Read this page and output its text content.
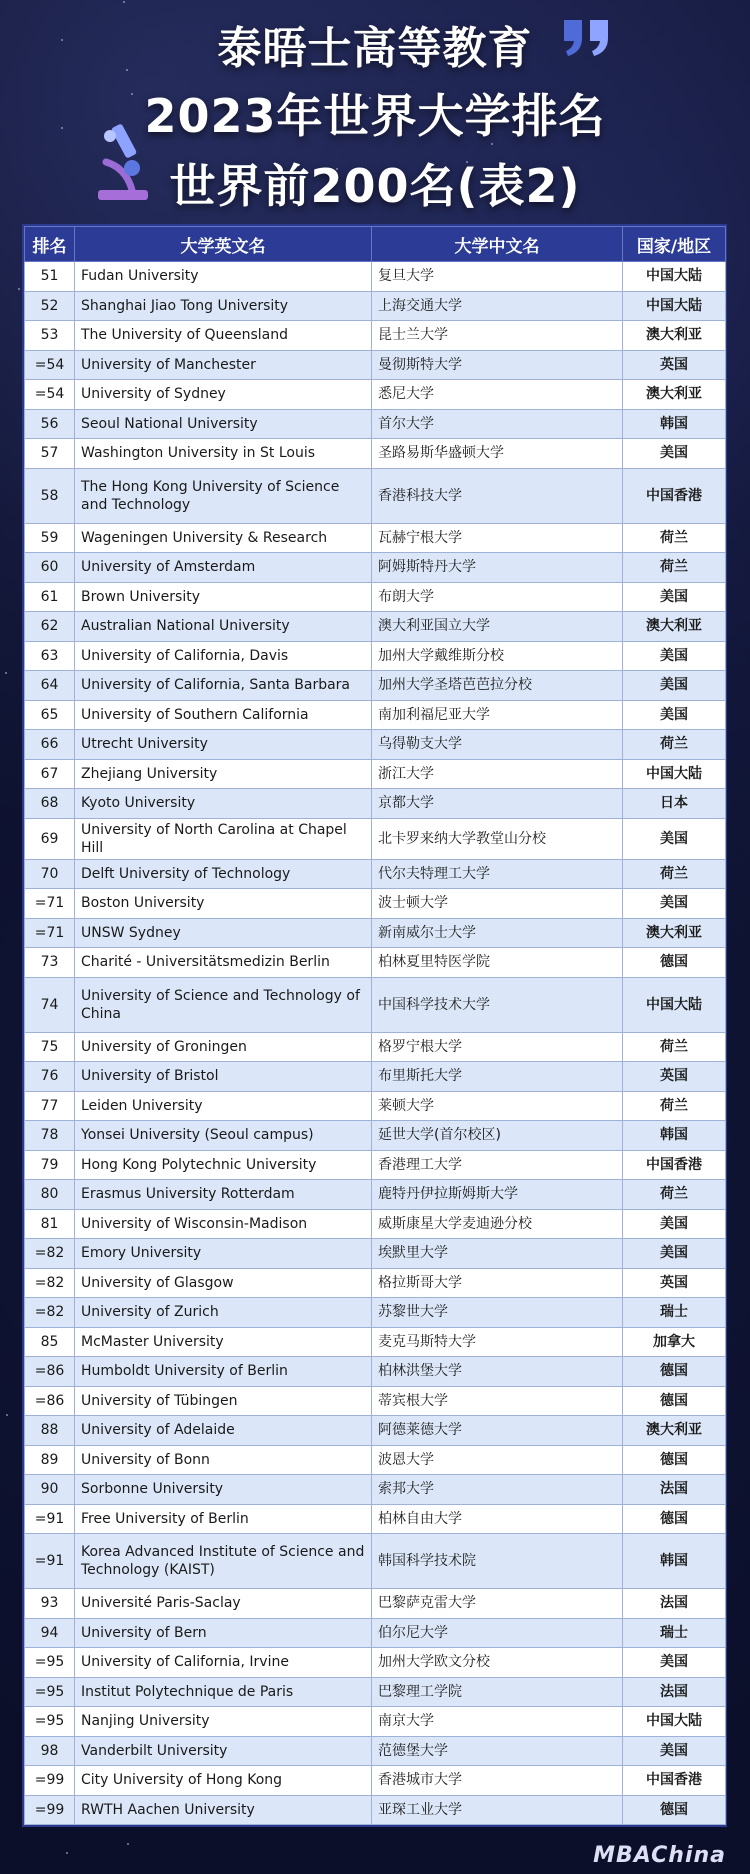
泰晤士高等教育
2023年世界大学排名
世界前200名(表2)
排名	大学英文名	大学中文名	国家/地区
51	Fudan University	复旦大学	中国大陆
52	Shanghai Jiao Tong University	上海交通大学	中国大陆
53	The University of Queensland	昆士兰大学	澳大利亚
=54	University of Manchester	曼彻斯特大学	英国
=54	University of Sydney	悉尼大学	澳大利亚
56	Seoul National University	首尔大学	韩国
57	Washington University in St Louis	圣路易斯华盛顿大学	美国
58	The Hong Kong University of Science and Technology	香港科技大学	中国香港
59	Wageningen University & Research	瓦赫宁根大学	荷兰
60	University of Amsterdam	阿姆斯特丹大学	荷兰
61	Brown University	布朗大学	美国
62	Australian National University	澳大利亚国立大学	澳大利亚
63	University of California, Davis	加州大学戴维斯分校	美国
64	University of California, Santa Barbara	加州大学圣塔芭芭拉分校	美国
65	University of Southern California	南加利福尼亚大学	美国
66	Utrecht University	乌得勒支大学	荷兰
67	Zhejiang University	浙江大学	中国大陆
68	Kyoto University	京都大学	日本
69	University of North Carolina at Chapel Hill	北卡罗来纳大学教堂山分校	美国
70	Delft University of Technology	代尔夫特理工大学	荷兰
=71	Boston University	波士顿大学	美国
=71	UNSW Sydney	新南威尔士大学	澳大利亚
73	Charité - Universitätsmedizin Berlin	柏林夏里特医学院	德国
74	University of Science and Technology of China	中国科学技术大学	中国大陆
75	University of Groningen	格罗宁根大学	荷兰
76	University of Bristol	布里斯托大学	英国
77	Leiden University	莱顿大学	荷兰
78	Yonsei University (Seoul campus)	延世大学(首尔校区)	韩国
79	Hong Kong Polytechnic University	香港理工大学	中国香港
80	Erasmus University Rotterdam	鹿特丹伊拉斯姆斯大学	荷兰
81	University of Wisconsin-Madison	威斯康星大学麦迪逊分校	美国
=82	Emory University	埃默里大学	美国
=82	University of Glasgow	格拉斯哥大学	英国
=82	University of Zurich	苏黎世大学	瑞士
85	McMaster University	麦克马斯特大学	加拿大
=86	Humboldt University of Berlin	柏林洪堡大学	德国
=86	University of Tübingen	蒂宾根大学	德国
88	University of Adelaide	阿德莱德大学	澳大利亚
89	University of Bonn	波恩大学	德国
90	Sorbonne University	索邦大学	法国
=91	Free University of Berlin	柏林自由大学	德国
=91	Korea Advanced Institute of Science and Technology (KAIST)	韩国科学技术院	韩国
93	Université Paris-Saclay	巴黎萨克雷大学	法国
94	University of Bern	伯尔尼大学	瑞士
=95	University of California, Irvine	加州大学欧文分校	美国
=95	Institut Polytechnique de Paris	巴黎理工学院	法国
=95	Nanjing University	南京大学	中国大陆
98	Vanderbilt University	范德堡大学	美国
=99	City University of Hong Kong	香港城市大学	中国香港
=99	RWTH Aachen University	亚琛工业大学	德国
MBAChina
